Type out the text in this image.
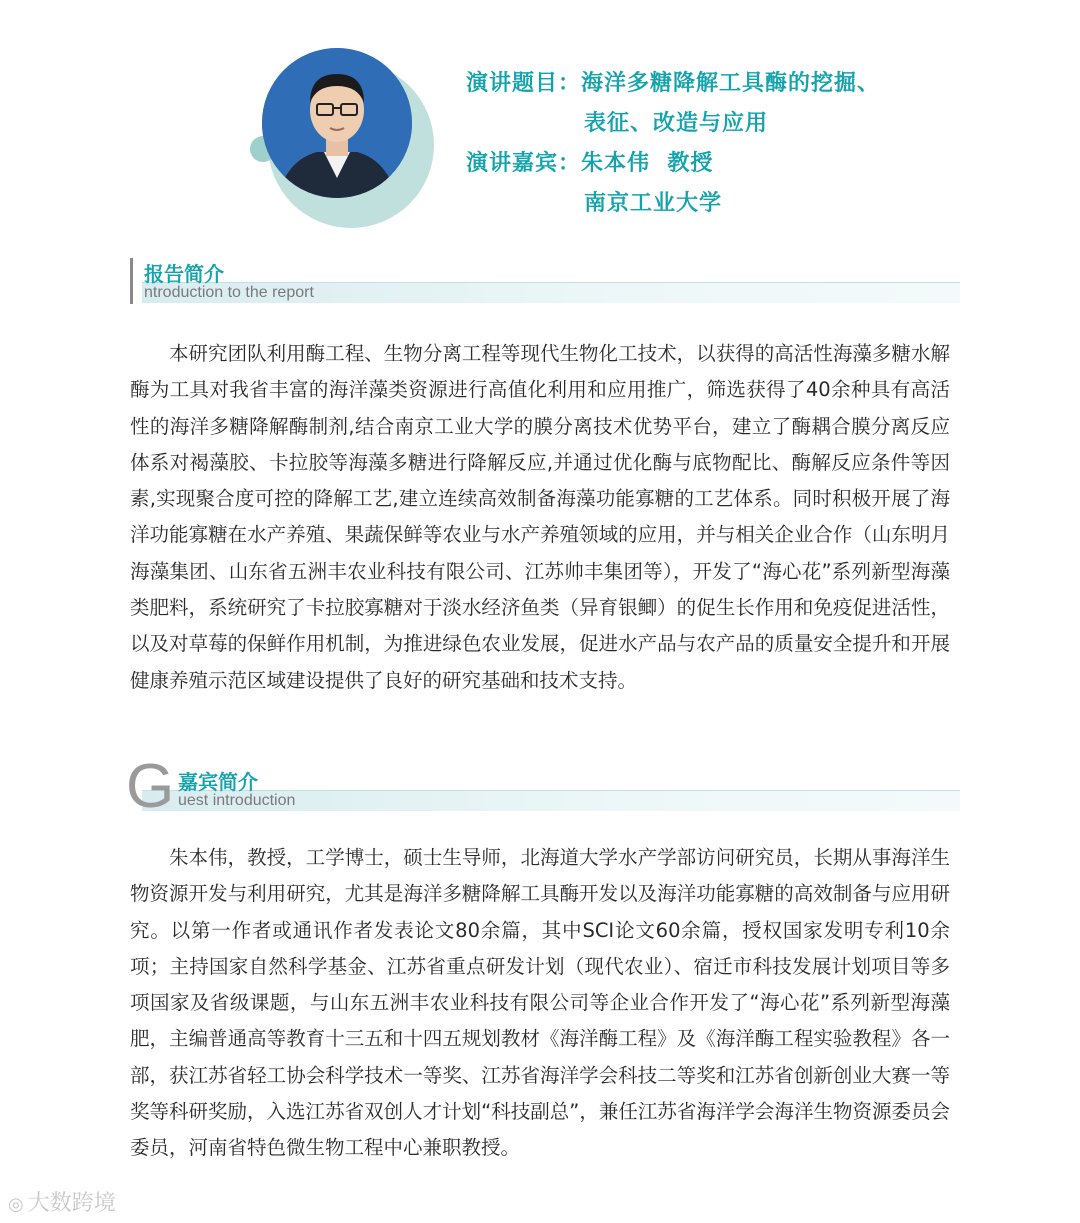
演讲题目：海洋多糖降解工具酶的挖掘、
表征、改造与应用
演讲嘉宾：朱本伟  教授
南京工业大学
报告简介
ntroduction to the report
本研究团队利用酶工程、生物分离工程等现代生物化工技术，以获得的高活性海藻多糖水解酶为工具对我省丰富的海洋藻类资源进行高值化利用和应用推广，筛选获得了40余种具有高活性的海洋多糖降解酶制剂,结合南京工业大学的膜分离技术优势平台，建立了酶耦合膜分离反应体系对褐藻胶、卡拉胶等海藻多糖进行降解反应,并通过优化酶与底物配比、酶解反应条件等因素,实现聚合度可控的降解工艺,建立连续高效制备海藻功能寡糖的工艺体系。同时积极开展了海洋功能寡糖在水产养殖、果蔬保鲜等农业与水产养殖领域的应用，并与相关企业合作（山东明月海藻集团、山东省五洲丰农业科技有限公司、江苏帅丰集团等），开发了“海心花”系列新型海藻类肥料，系统研究了卡拉胶寡糖对于淡水经济鱼类（异育银鲫）的促生长作用和免疫促进活性，以及对草莓的保鲜作用机制，为推进绿色农业发展，促进水产品与农产品的质量安全提升和开展健康养殖示范区域建设提供了良好的研究基础和技术支持。
G 嘉宾简介
uest introduction
朱本伟，教授，工学博士，硕士生导师，北海道大学水产学部访问研究员，长期从事海洋生物资源开发与利用研究，尤其是海洋多糖降解工具酶开发以及海洋功能寡糖的高效制备与应用研究。以第一作者或通讯作者发表论文80余篇，其中SCI论文60余篇，授权国家发明专利10余项；主持国家自然科学基金、江苏省重点研发计划（现代农业）、宿迁市科技发展计划项目等多项国家及省级课题，与山东五洲丰农业科技有限公司等企业合作开发了“海心花”系列新型海藻肥，主编普通高等教育十三五和十四五规划教材《海洋酶工程》及《海洋酶工程实验教程》各一部，获江苏省轻工协会科学技术一等奖、江苏省海洋学会科技二等奖和江苏省创新创业大赛一等奖等科研奖励，入选江苏省双创人才计划“科技副总”，兼任江苏省海洋学会海洋生物资源委员会委员，河南省特色微生物工程中心兼职教授。
◎ 大数跨境
